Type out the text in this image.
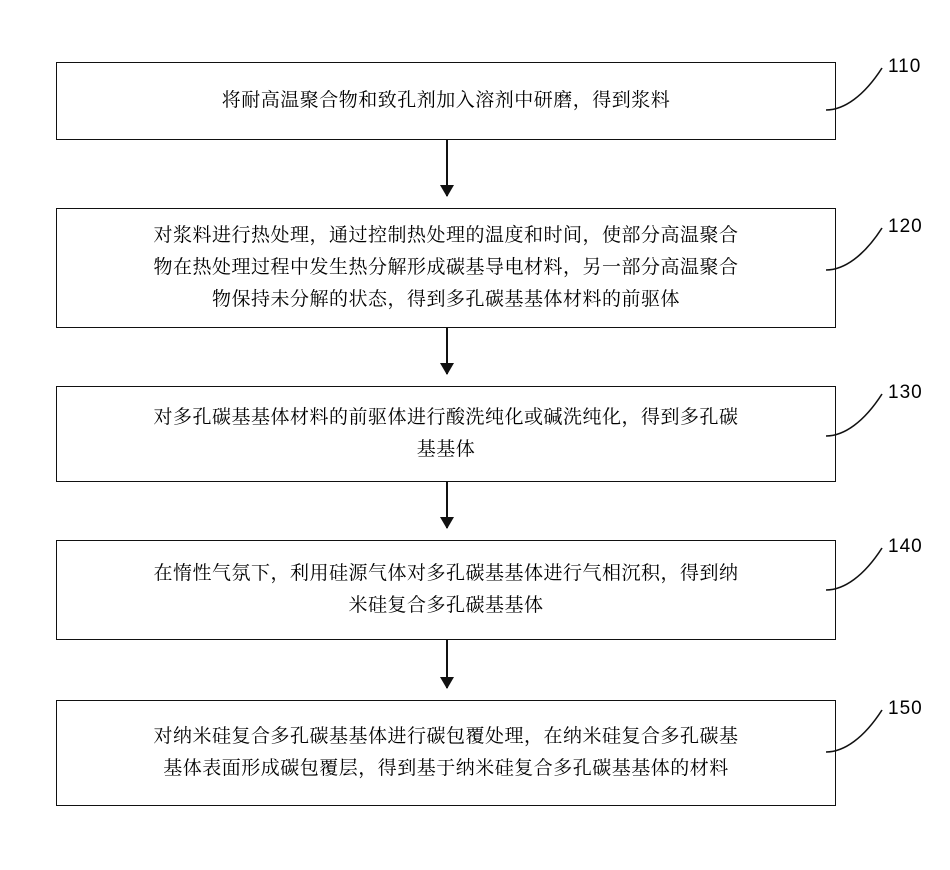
将耐高温聚合物和致孔剂加入溶剂中研磨，得到浆料
110
对浆料进行热处理，通过控制热处理的温度和时间，使部分高温聚合
物在热处理过程中发生热分解形成碳基导电材料，另一部分高温聚合
物保持未分解的状态，得到多孔碳基基体材料的前驱体
120
对多孔碳基基体材料的前驱体进行酸洗纯化或碱洗纯化，得到多孔碳
基基体
130
在惰性气氛下，利用硅源气体对多孔碳基基体进行气相沉积，得到纳
米硅复合多孔碳基基体
140
对纳米硅复合多孔碳基基体进行碳包覆处理，在纳米硅复合多孔碳基
基体表面形成碳包覆层，得到基于纳米硅复合多孔碳基基体的材料
150
